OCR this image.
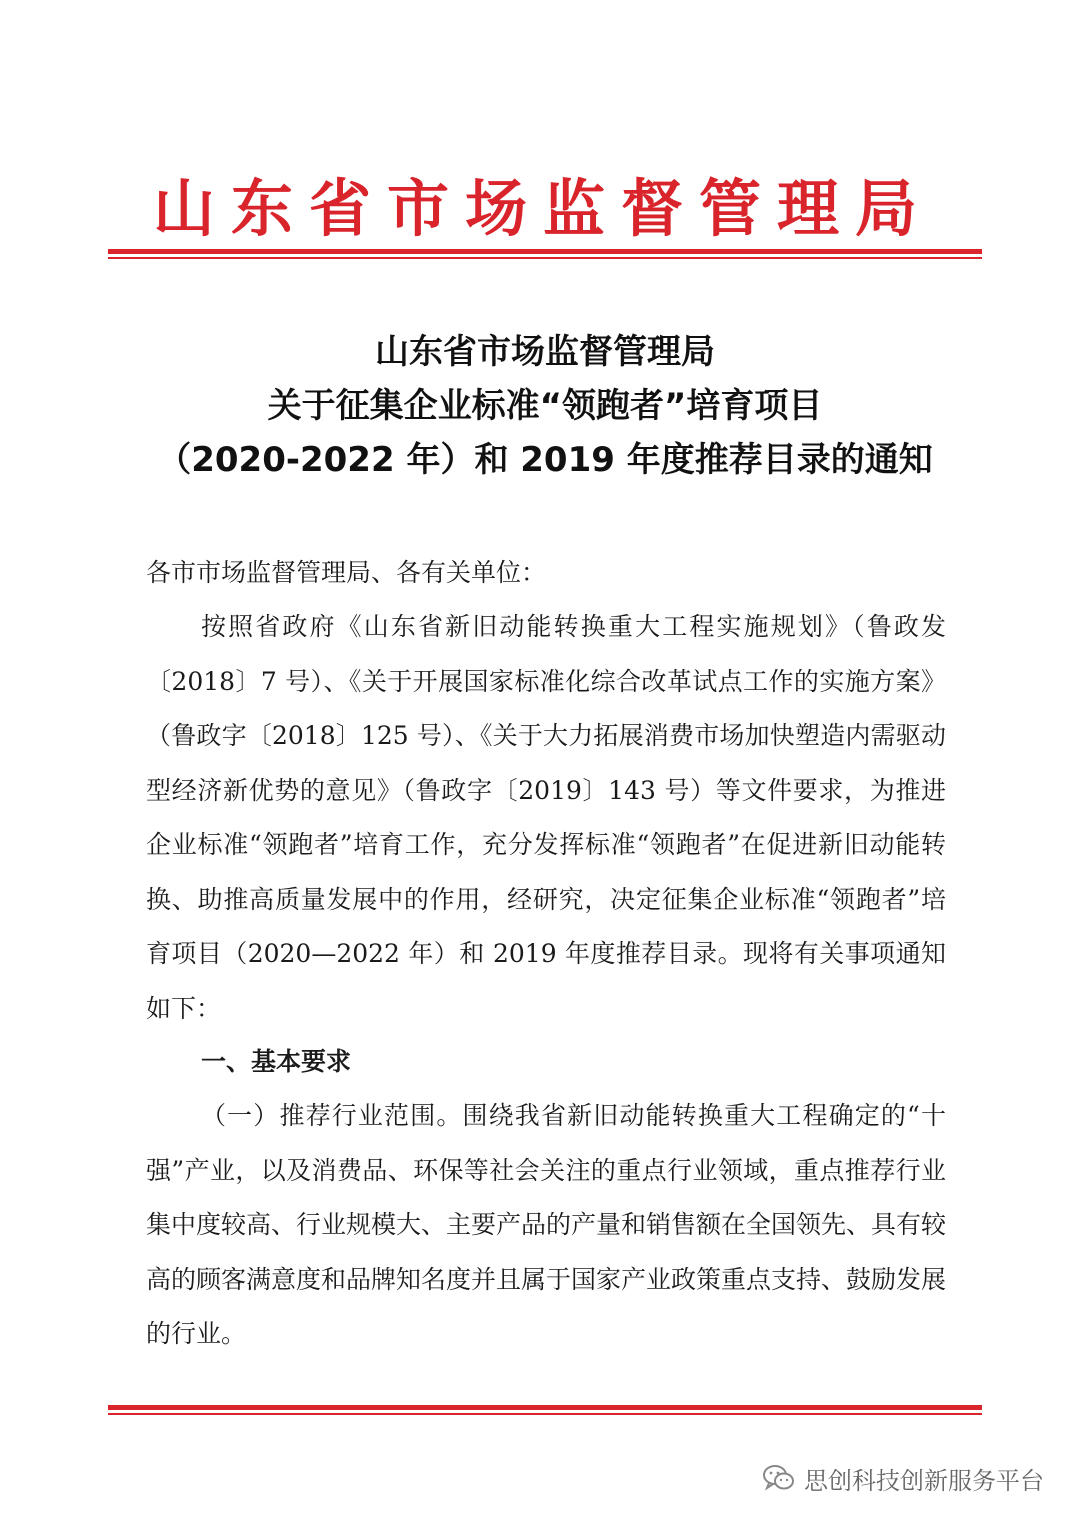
山东省市场监督管理局
山东省市场监督管理局
关于征集企业标准“领跑者”培育项目
（2020-2022 年）和 2019 年度推荐目录的通知
各市市场监督管理局、各有关单位：
按照省政府《山东省新旧动能转换重大工程实施规划》（鲁政发〔2018〕7 号）、《关于开展国家标准化综合改革试点工作的实施方案》（鲁政字〔2018〕125 号）、《关于大力拓展消费市场加快塑造内需驱动型经济新优势的意见》（鲁政字〔2019〕143 号）等文件要求，为推进企业标准“领跑者”培育工作，充分发挥标准“领跑者”在促进新旧动能转换、助推高质量发展中的作用，经研究，决定征集企业标准“领跑者”培育项目（2020—2022 年）和 2019 年度推荐目录。现将有关事项通知如下：
一、基本要求
（一）推荐行业范围。围绕我省新旧动能转换重大工程确定的“十强”产业，以及消费品、环保等社会关注的重点行业领域，重点推荐行业集中度较高、行业规模大、主要产品的产量和销售额在全国领先、具有较高的顾客满意度和品牌知名度并且属于国家产业政策重点支持、鼓励发展的行业。
思创科技创新服务平台
